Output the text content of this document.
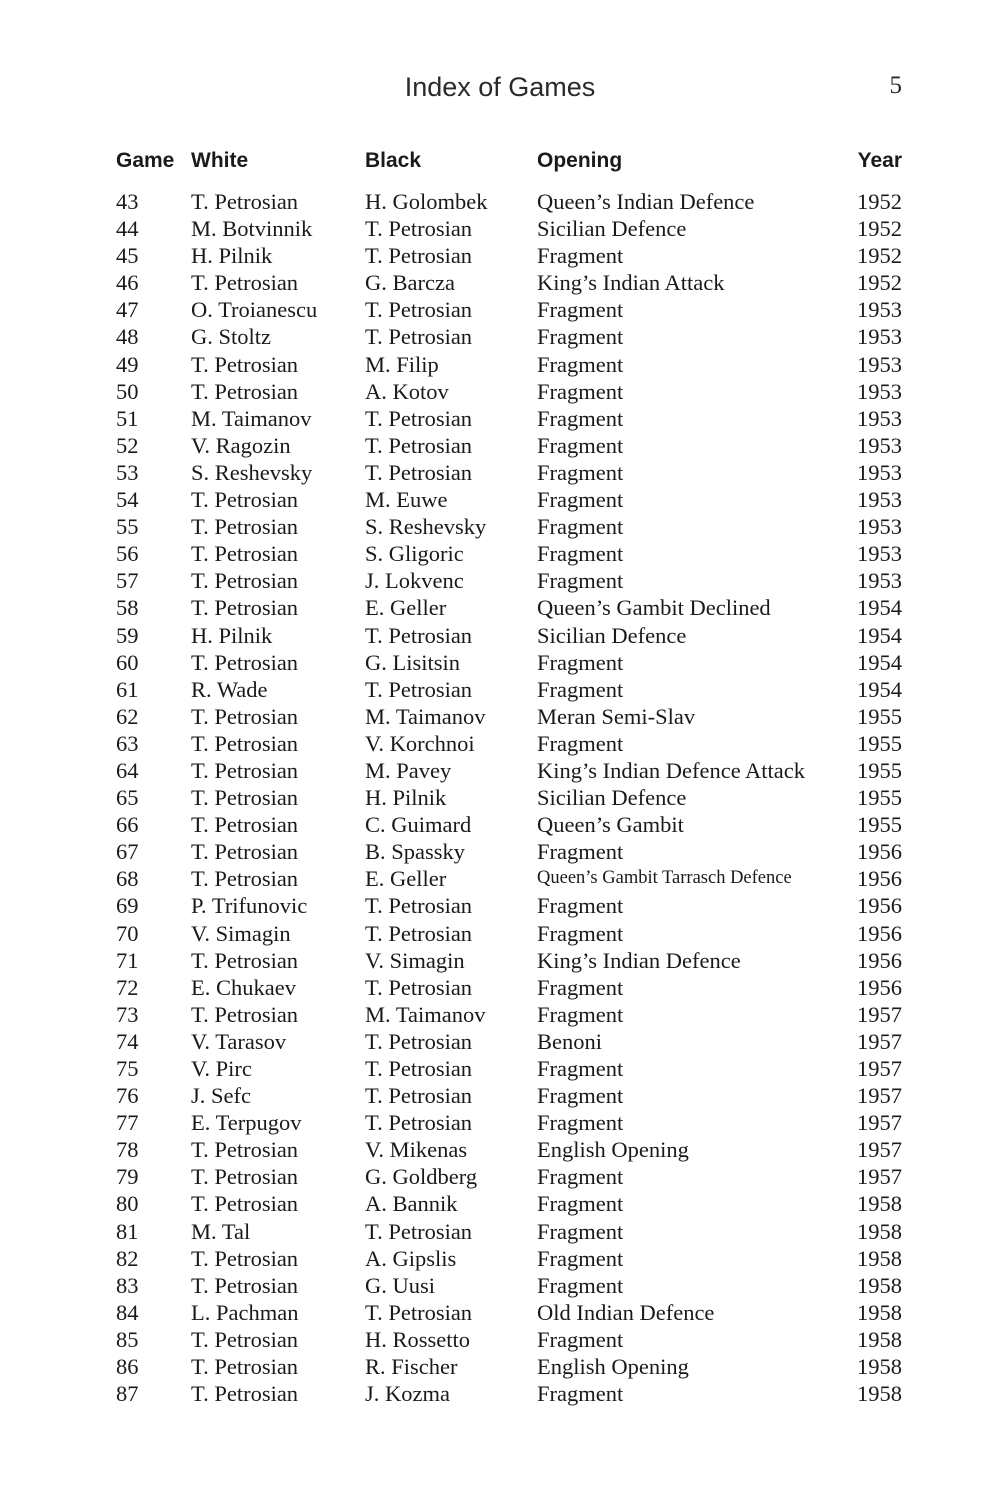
Index of Games	5
Game	White	Black	Opening	Year

43	T. Petrosian	H. Golombek	Queen’s Indian Defence	1952
44	M. Botvinnik	T. Petrosian	Sicilian Defence	1952
45	H. Pilnik	T. Petrosian	Fragment	1952
46	T. Petrosian	G. Barcza	King’s Indian Attack	1952
47	O. Troianescu	T. Petrosian	Fragment	1953
48	G. Stoltz	T. Petrosian	Fragment	1953
49	T. Petrosian	M. Filip	Fragment	1953
50	T. Petrosian	A. Kotov	Fragment	1953
51	M. Taimanov	T. Petrosian	Fragment	1953
52	V. Ragozin	T. Petrosian	Fragment	1953
53	S. Reshevsky	T. Petrosian	Fragment	1953
54	T. Petrosian	M. Euwe	Fragment	1953
55	T. Petrosian	S. Reshevsky	Fragment	1953
56	T. Petrosian	S. Gligoric	Fragment	1953
57	T. Petrosian	J. Lokvenc	Fragment	1953
58	T. Petrosian	E. Geller	Queen’s Gambit Declined	1954
59	H. Pilnik	T. Petrosian	Sicilian Defence	1954
60	T. Petrosian	G. Lisitsin	Fragment	1954
61	R. Wade	T. Petrosian	Fragment	1954
62	T. Petrosian	M. Taimanov	Meran Semi-Slav	1955
63	T. Petrosian	V. Korchnoi	Fragment	1955
64	T. Petrosian	M. Pavey	King’s Indian Defence Attack	1955
65	T. Petrosian	H. Pilnik	Sicilian Defence	1955
66	T. Petrosian	C. Guimard	Queen’s Gambit	1955
67	T. Petrosian	B. Spassky	Fragment	1956
68	T. Petrosian	E. Geller	Queen’s Gambit Tarrasch Defence	1956
69	P. Trifunovic	T. Petrosian	Fragment	1956
70	V. Simagin	T. Petrosian	Fragment	1956
71	T. Petrosian	V. Simagin	King’s Indian Defence	1956
72	E. Chukaev	T. Petrosian	Fragment	1956
73	T. Petrosian	M. Taimanov	Fragment	1957
74	V. Tarasov	T. Petrosian	Benoni	1957
75	V. Pirc	T. Petrosian	Fragment	1957
76	J. Sefc	T. Petrosian	Fragment	1957
77	E. Terpugov	T. Petrosian	Fragment	1957
78	T. Petrosian	V. Mikenas	English Opening	1957
79	T. Petrosian	G. Goldberg	Fragment	1957
80	T. Petrosian	A. Bannik	Fragment	1958
81	M. Tal	T. Petrosian	Fragment	1958
82	T. Petrosian	A. Gipslis	Fragment	1958
83	T. Petrosian	G. Uusi	Fragment	1958
84	L. Pachman	T. Petrosian	Old Indian Defence	1958
85	T. Petrosian	H. Rossetto	Fragment	1958
86	T. Petrosian	R. Fischer	English Opening	1958
87	T. Petrosian	J. Kozma	Fragment	1958
